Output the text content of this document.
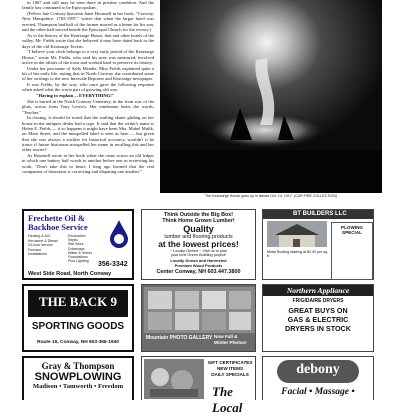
in 1867 and still may be seen there in pristine condition. And the family has continued to be Episcopalian.

(Fellow late Conway historian Janet Hounsell in her book, "Conway, New Hampshire: 1765-1997," writes that when the larger hotel was erected, Thompson had half of the former moved as a home for his son, and the other half moved beside the Episcopal Church for the rectory.)

As to the history of the Kearsarge House, that and other hotels of the valley, Mr. Fields wrote that she believed it may have dated back to the days of the old Kearsarge Tavern.

"I believe your clerk belongs to a very early period of the Kearsarge House," wrote Mr. Fields, who said his note was measured, involved active in the affairs of the town and worked hard to preserve its history.

Under her pen name of Sally Meader, Miss Fields explained quite a bit of her early life, noting that in North Conway she contributed some of her writings to the new Intervale Reporter and Kearsarge newspaper.

It was Fields, by the way, who once gave the following response when asked what the worst part of growing old was:

"Having to explain ... EVERYTHING!"

She is buried in the North Conway Cemetery, in the front row of the plots, across from Tony Lewis's. Her tombstone bears the words, "Teacher."

In closing, it should be noted that the smiling skater gliding on her house in the antiques dealer had a type. It said that the writer's name is Helen E. Fields — it so happens it might have been Mrs. Mabel Mulik, on Main Street, and the misspelled label is seen as here — but given that she was always a stickler for historical accuracy, wouldn't it be ironic if future historians misspelled her name in recalling this and her other stories?

As Hounsell wrote in her book when she came across an old ledger in which one battery half words to another before one in reviewing his work, "Don't take this to heart; I long ago learned that the real companion of historians is correcting and disputing one another."

The Kearsarge House goes up in flames Oct. 14, 1917. (CAR FIRE COLLECTION)
Frechette Oil &
Backhoe Service
Heating & A/C
Kerosene & Diesel
24-hour service
Furnace
Installations
Excavation
Septic
Site Work
Driveways
Water & Sewer
Foundations
Plus Lighting	356-3342
West Side Road, North Conway
Think Outside the Big Box!
Think Home Grown Lumber!
Quality
lumber and flooring products
at the lowest prices!
~ Locally Owned ~ Visit us to plan
your next Green Building project!
Locally Grown and Harvested
Premium Wood Products
Center Conway, NH 603.447.3800
BT BUILDERS LLC
Metal Roofing starting at $2.00 per sq. ft.
PLOWING
SPECIAL
THE BACK 9
SPORTING GOODS
Route 16, Conway, NH 603-356-1940
Mountain PHOTO GALLERY Now Fall &
Winter Photos!
Northern Appliance
FRIGIDAIRE DRYERS
GREAT BUYS ON
GAS & ELECTRIC
DRYERS IN STOCK
Gray & Thompson
SNOWPLOWING
Madison • Tamworth • Freedom
GIFT CERTIFICATES
NEW ITEMS
DAILY SPECIALS
The Local
debony
Facial • Massage •
